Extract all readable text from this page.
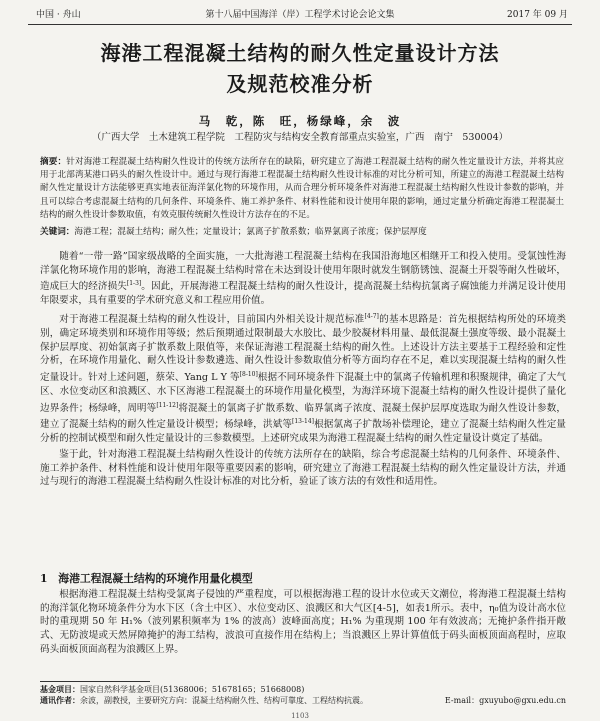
中国 · 舟山	第十八届中国海洋（岸）工程学术讨论会论文集	2017 年 09 月
海港工程混凝土结构的耐久性定量设计方法
及规范校准分析
马　乾，陈　旺，杨绿峰，余　波
（广西大学　土木建筑工程学院　工程防灾与结构安全教育部重点实验室，广西　南宁　530004）
摘要：针对海港工程混凝土结构耐久性设计的传统方法所存在的缺陷，研究建立了海港工程混凝土结构的耐久性定量设计方法，并将其应用于北部湾某港口码头的耐久性设计中。通过与现行海港工程混凝土结构耐久性设计标准的对比分析可知，所建立的海港工程混凝土结构耐久性定量设计方法能够更真实地表征海洋氯化物的环境作用，从而合理分析环境条件对海港工程混凝土结构耐久性设计参数的影响，并且可以综合考虑混凝土结构的几何条件、环境条件、施工养护条件、材料性能和设计使用年限的影响，通过定量分析确定海港工程混凝土结构的耐久性设计参数取值，有效克服传统耐久性设计方法存在的不足。
关键词：海港工程；混凝土结构；耐久性；定量设计；氯离子扩散系数；临界氯离子浓度；保护层厚度

随着“一带一路”国家级战略的全面实施，一大批海港工程混凝土结构在我国沿海地区相继开工和投入使用。受氯蚀性海洋氯化物环境作用的影响，海港工程混凝土结构时常在未达到设计使用年限时就发生钢筋锈蚀、混凝土开裂等耐久性破坏，造成巨大的经济损失[1-3]。因此，开展海港工程混凝土结构的耐久性设计，提高混凝土结构抗氯离子腐蚀能力并满足设计使用年限要求，具有重要的学术研究意义和工程应用价值。

对于海港工程混凝土结构的耐久性设计，目前国内外相关设计规范标准[4-7]的基本思路是：首先根据结构所处的环境类别，确定环境类别和环境作用等级；然后预期通过限制最大水胶比、最少胶凝材料用量、最低混凝土强度等级、最小混凝土保护层厚度、初始氯离子扩散系数上限值等，来保证海港工程混凝土结构的耐久性。上述设计方法主要基于工程经验和定性分析，在环境作用量化、耐久性设计参数遴选、耐久性设计参数取值分析等方面均存在不足，难以实现混凝土结构的耐久性定量设计。针对上述问题，蔡荣、Yang L Y 等[8-10]根据不同环境条件下混凝土中的氯离子传输机理和积聚规律，确定了大气区、水位变动区和浪溅区、水下区海港工程混凝土的环境作用量化模型，为海洋环境下混凝土结构的耐久性设计提供了量化边界条件；杨绿峰，周明等[11-12]将混凝土的氯离子扩散系数、临界氯离子浓度、混凝土保护层厚度选取为耐久性设计参数，建立了混凝土结构的耐久性定量设计模型；杨绿峰，洪斌等[13-14]根据氯离子扩散场补偿理论，建立了混凝土结构耐久性定量分析的控制试模型和耐久性定量设计的三参数模型。上述研究成果为海港工程混凝土结构的耐久性定量设计奠定了基础。

鉴于此，针对海港工程混凝土结构耐久性设计的传统方法所存在的缺陷，综合考虑混凝土结构的几何条件、环境条件、施工养护条件、材料性能和设计使用年限等重要因素的影响，研究建立了海港工程混凝土结构的耐久性定量设计方法，并通过与现行的海港工程混凝土结构耐久性设计标准的对比分析，验证了该方法的有效性和适用性。

1　海港工程混凝土结构的环境作用量化模型

根据海港工程混凝土结构受氯离子侵蚀的严重程度，可以根据海港工程的设计水位或天文潮位，将海港工程混凝土结构的海洋氯化物环境条件分为水下区（含土中区）、水位变动区、浪溅区和大气区[4-5]，如表1所示。表中，η₀值为设计高水位时的重现期 50 年 H₁%（波列累积频率为 1% 的波高）波峰面高度；H₁% 为重现期 100 年有效波高；无掩护条件指开敞式、无防波堤或天然屏障掩护的海工结构，波浪可直接作用在结构上；当浪溅区上界计算值低于码头面板顶面高程时，应取码头面板顶面高程为浪溅区上界。

基金项目：国家自然科学基金项目(51368006；51678165；51668008)
通讯作者：余波，副教授，主要研究方向：混凝土结构耐久性、结构可靠度、工程结构抗震。	E-mail：gxuyubo@gxu.edu.cn
1103
